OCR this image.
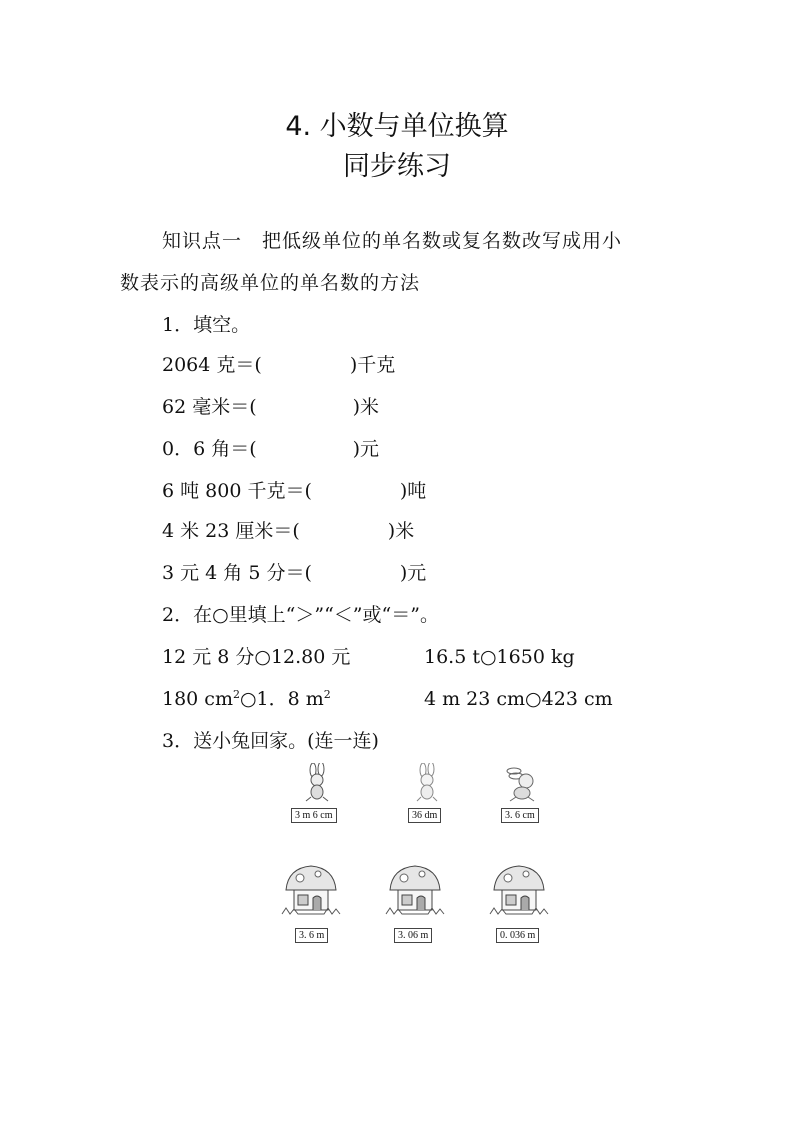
4. 小数与单位换算
同步练习
知识点一　把低级单位的单名数或复名数改写成用小
数表示的高级单位的单名数的方法
1．填空。
2064 克＝(	)千克
62 毫米＝(	)米
0．6 角＝(	)元
6 吨 800 千克＝(	)吨
4 米 23 厘米＝(	)米
3 元 4 角 5 分＝(	)元
2．在○里填上“＞”“＜”或“＝”。
12 元 8 分○12.80 元	16.5 t○1650 kg
180 $cm^2○1$．8 $m^2$	4 m 23 cm○423 cm
3．送小兔回家。(连一连)
3 m 6 cm	36 dm	3. 6 cm
3. 6 m	3. 06 m	0. 036 m
